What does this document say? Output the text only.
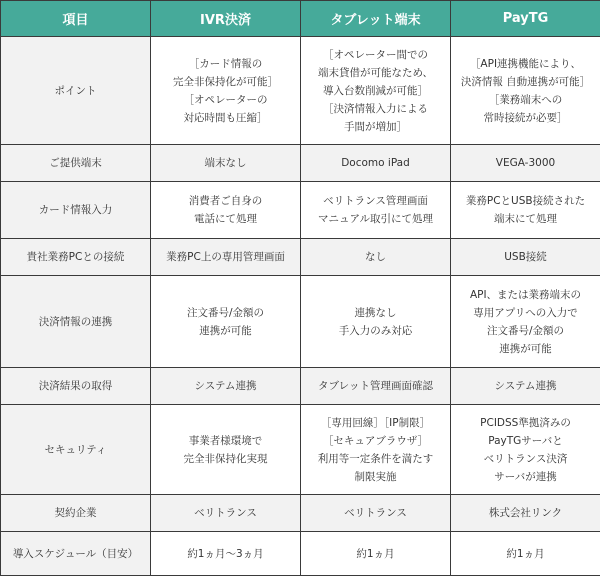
項目	IVR決済	タブレット端末	PayTG
ポイント	［カード情報の
完全非保持化が可能］
［オペレーターの
対応時間も圧縮］	［オペレーター間での
端末貸借が可能なため、
導入台数削減が可能］
［決済情報入力による
手間が増加］	［API連携機能により、
決済情報 自動連携が可能］
［業務端末への
常時接続が必要］

ご提供端末	端末なし	Docomo iPad	VEGA-3000

カード情報入力	消費者ご自身の
電話にて処理	ベリトランス管理画面
マニュアル取引にて処理	業務PCとUSB接続された
端末にて処理

貴社業務PCとの接続	業務PC上の専用管理画面	なし	USB接続

決済情報の連携	注文番号/金額の
連携が可能	連携なし
手入力のみ対応	API、または業務端末の
専用アプリへの入力で
注文番号/金額の
連携が可能

決済結果の取得	システム連携	タブレット管理画面確認	システム連携

セキュリティ	事業者様環境で
完全非保持化実現	［専用回線］［IP制限］
［セキュアブラウザ］
利用等一定条件を満たす
制限実施	PCIDSS準拠済みの
PayTGサーバと
ベリトランス決済
サーバが連携

契約企業	ベリトランス	ベリトランス	株式会社リンク

導入スケジュール（目安）	約1ヵ月〜3ヵ月	約1ヵ月	約1ヵ月
